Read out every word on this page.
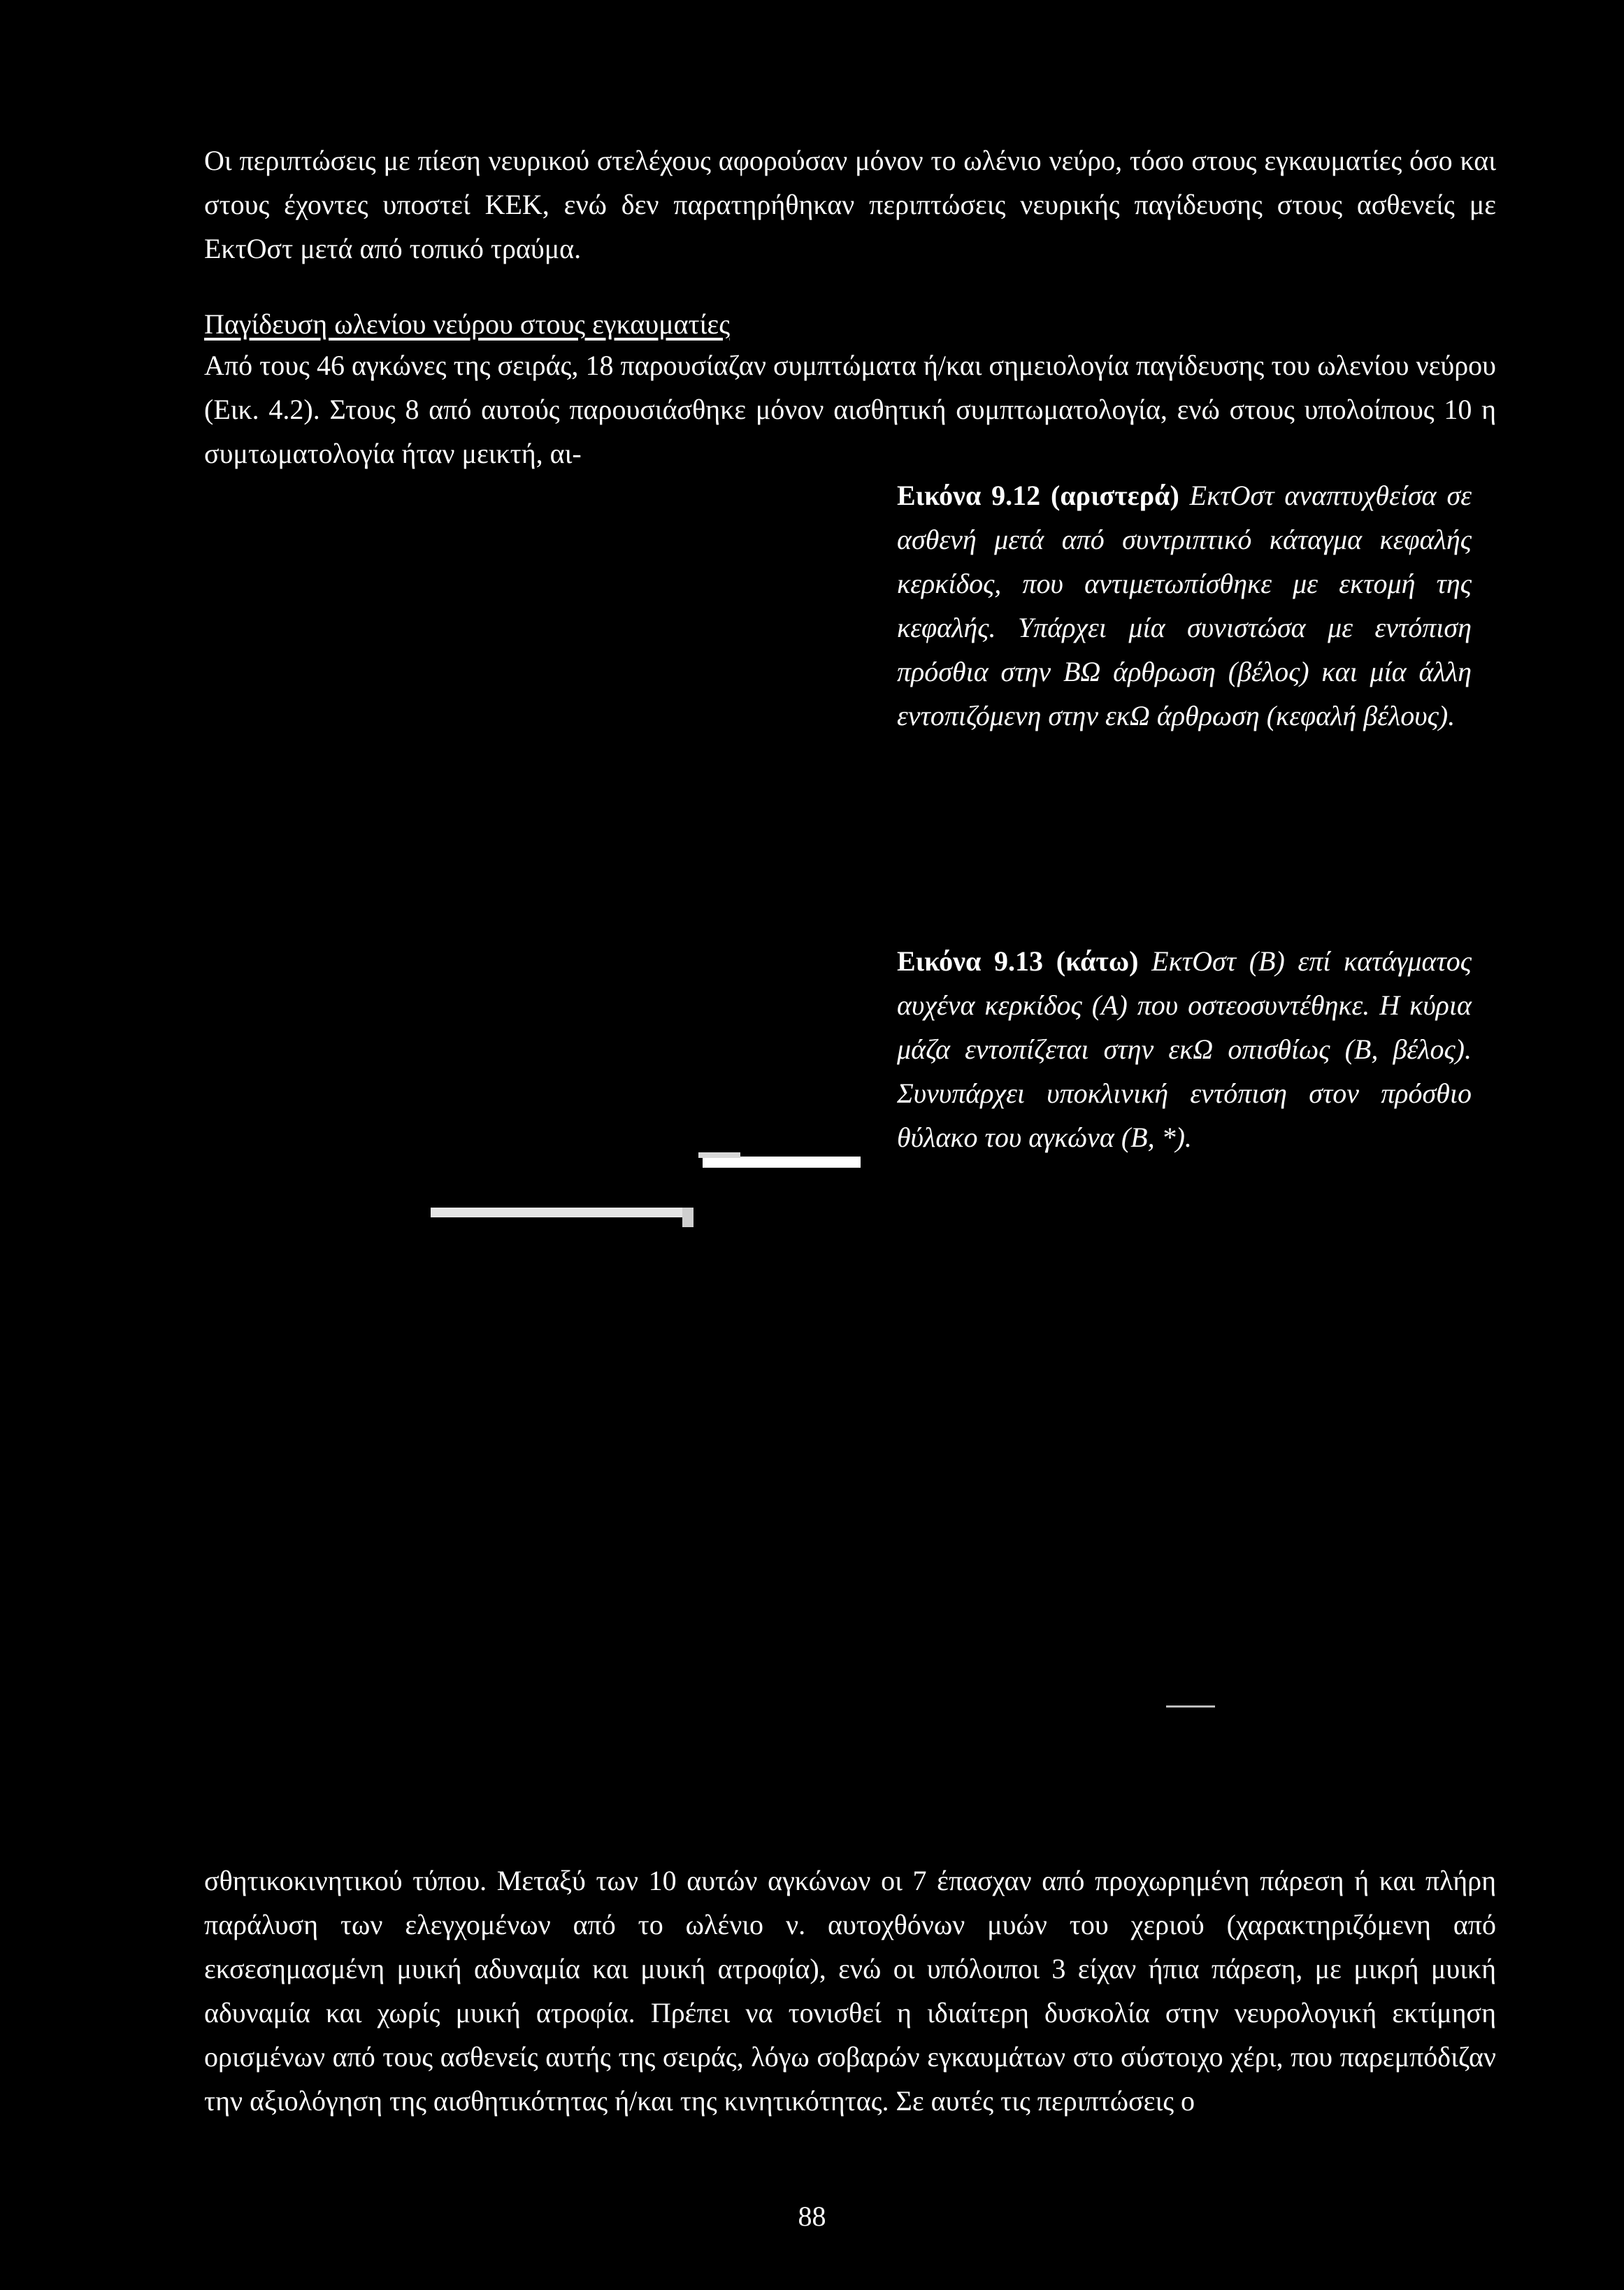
Οι περιπτώσεις με πίεση νευρικού στελέχους αφορούσαν μόνον το ωλένιο νεύρο, τόσο στους εγκαυματίες όσο και στους έχοντες υποστεί ΚΕΚ, ενώ δεν παρατηρήθηκαν περιπτώσεις νευρικής παγίδευσης στους ασθενείς με ΕκτΟστ μετά από τοπικό τραύμα.

Παγίδευση ωλενίου νεύρου στους εγκαυματίες

Από τους 46 αγκώνες της σειράς, 18 παρουσίαζαν συμπτώματα ή/και σημειολογία παγίδευσης του ωλενίου νεύρου (Εικ. 4.2). Στους 8 από αυτούς παρουσιάσθηκε μόνον αισθητική συμπτωματολογία, ενώ στους υπολοίπους 10 η συμτωματολογία ήταν μεικτή, αι-

Εικόνα 9.12 (αριστερά) ΕκτΟστ αναπτυχθείσα σε ασθενή μετά από συντριπτικό κάταγμα κεφαλής κερκίδος, που αντιμετωπίσθηκε με εκτομή της κεφαλής. Υπάρχει μία συνιστώσα με εντόπιση πρόσθια στην ΒΩ άρθρωση (βέλος) και μία άλλη εντοπιζόμενη στην εκΩ άρθρωση (κεφαλή βέλους).

Εικόνα 9.13 (κάτω) ΕκτΟστ (Β) επί κατάγματος αυχένα κερκίδος (Α) που οστεοσυντέθηκε. Η κύρια μάζα εντοπίζεται στην εκΩ οπισθίως (Β, βέλος). Συνυπάρχει υποκλινική εντόπιση στον πρόσθιο θύλακο του αγκώνα (Β, *).

σθητικοκινητικού τύπου. Μεταξύ των 10 αυτών αγκώνων οι 7 έπασχαν από προχωρημένη πάρεση ή και πλήρη παράλυση των ελεγχομένων από το ωλένιο ν. αυτοχθόνων μυών του χεριού (χαρακτηριζόμενη από εκσεσημασμένη μυική αδυναμία και μυική ατροφία), ενώ οι υπόλοιποι 3 είχαν ήπια πάρεση, με μικρή μυική αδυναμία και χωρίς μυική ατροφία. Πρέπει να τονισθεί η ιδιαίτερη δυσκολία στην νευρολογική εκτίμηση ορισμένων από τους ασθενείς αυτής της σειράς, λόγω σοβαρών εγκαυμάτων στο σύστοιχο χέρι, που παρεμπόδιζαν την αξιολόγηση της αισθητικότητας ή/και της κινητικότητας. Σε αυτές τις περιπτώσεις ο

88
